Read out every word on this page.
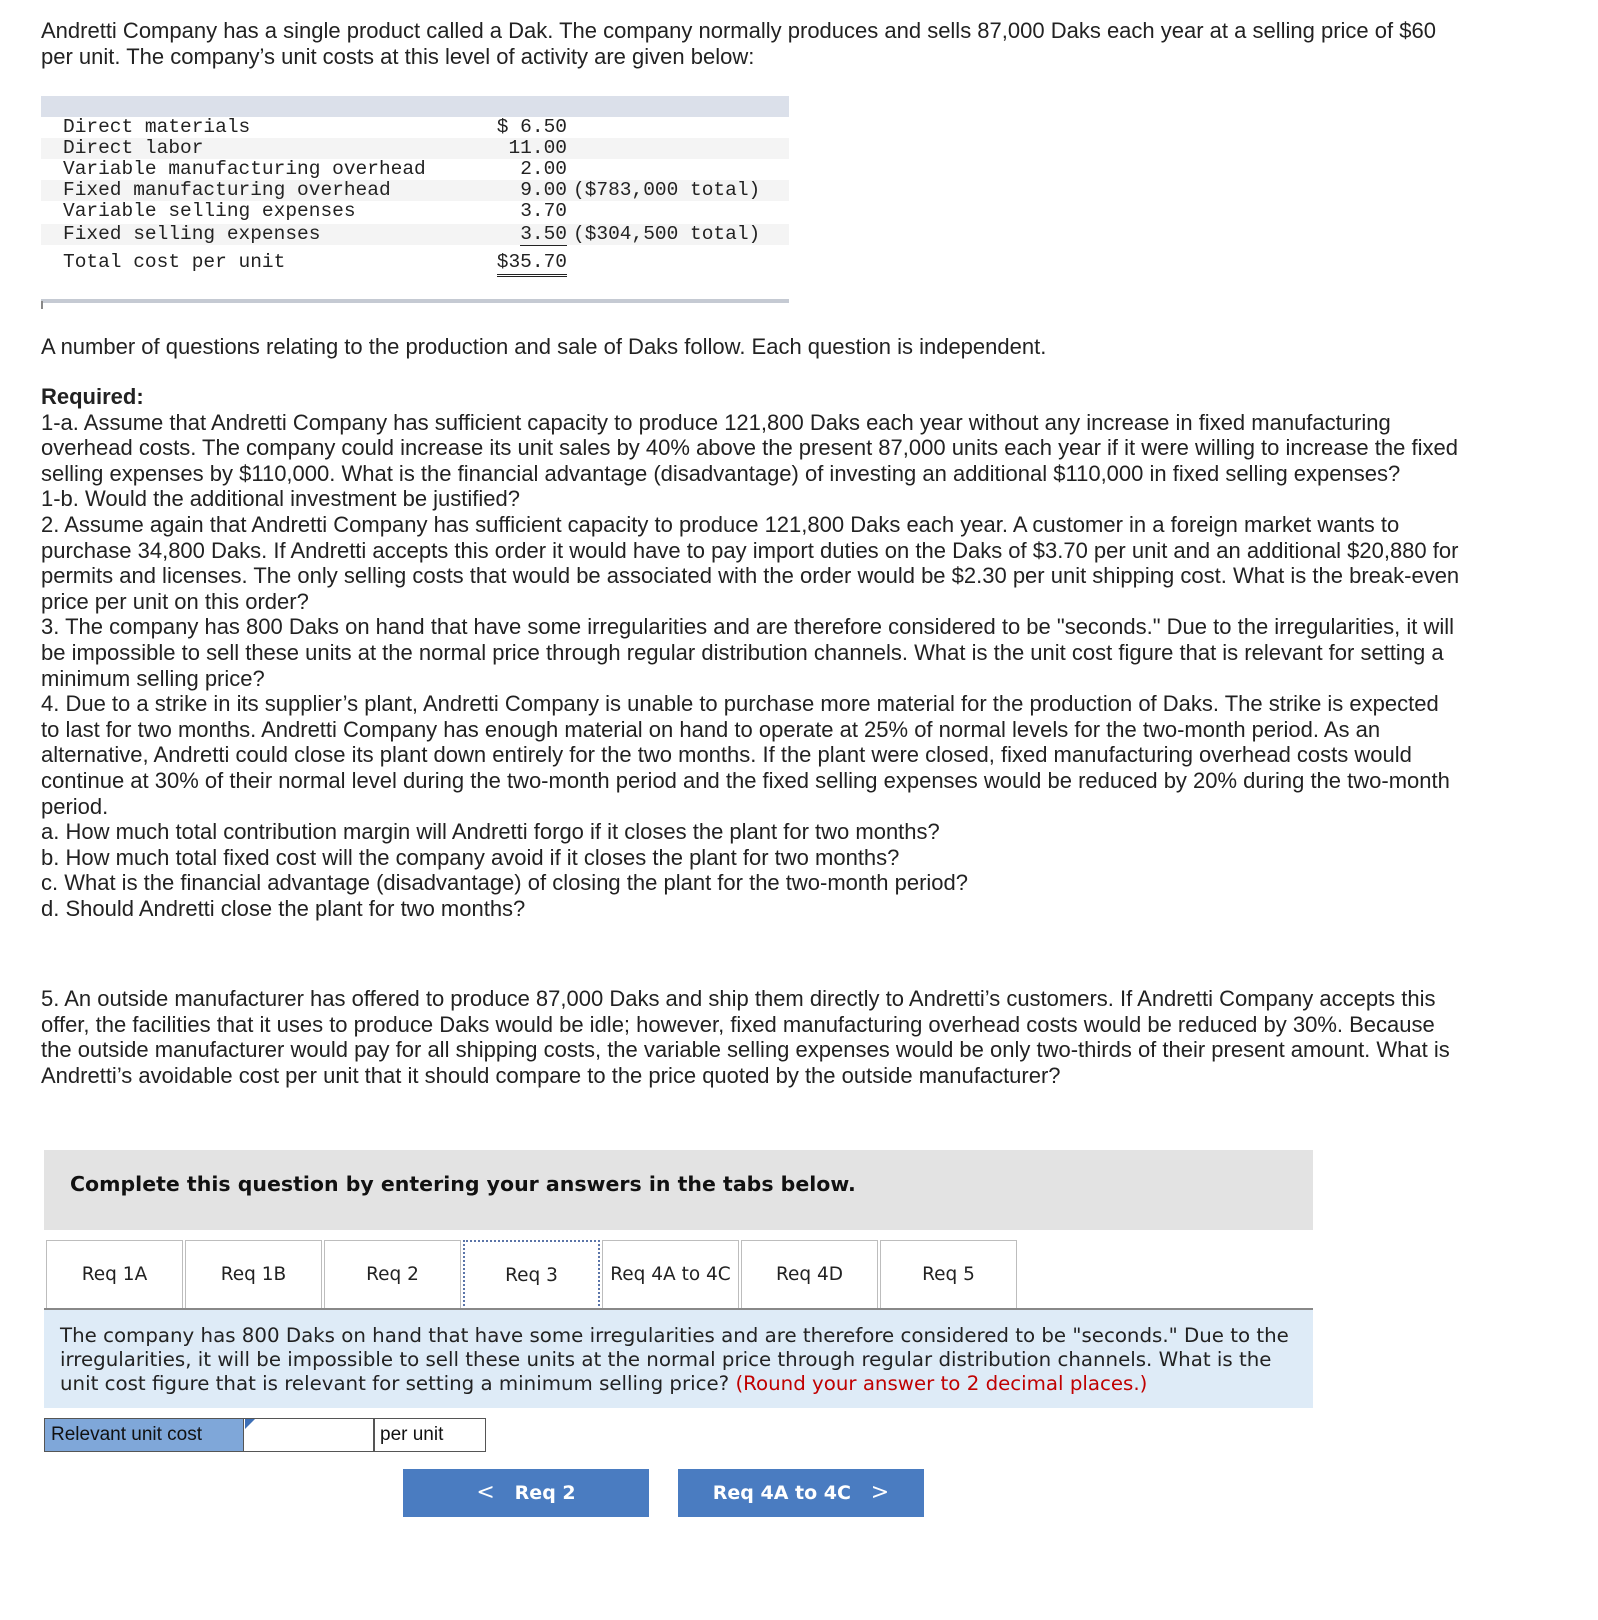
Andretti Company has a single product called a Dak. The company normally produces and sells 87,000 Daks each year at a selling price of $60 per unit. The company’s unit costs at this level of activity are given below:

Direct materials	$ 6.50
Direct labor	11.00
Variable manufacturing overhead	2.00
Fixed manufacturing overhead	9.00 ($783,000 total)
Variable selling expenses	3.70
Fixed selling expenses	3.50 ($304,500 total)
Total cost per unit	$35.70

A number of questions relating to the production and sale of Daks follow. Each question is independent.

Required:
1-a. Assume that Andretti Company has sufficient capacity to produce 121,800 Daks each year without any increase in fixed manufacturing overhead costs. The company could increase its unit sales by 40% above the present 87,000 units each year if it were willing to increase the fixed selling expenses by $110,000. What is the financial advantage (disadvantage) of investing an additional $110,000 in fixed selling expenses?
1-b. Would the additional investment be justified?
2. Assume again that Andretti Company has sufficient capacity to produce 121,800 Daks each year. A customer in a foreign market wants to purchase 34,800 Daks. If Andretti accepts this order it would have to pay import duties on the Daks of $3.70 per unit and an additional $20,880 for permits and licenses. The only selling costs that would be associated with the order would be $2.30 per unit shipping cost. What is the break-even price per unit on this order?
3. The company has 800 Daks on hand that have some irregularities and are therefore considered to be "seconds." Due to the irregularities, it will be impossible to sell these units at the normal price through regular distribution channels. What is the unit cost figure that is relevant for setting a minimum selling price?
4. Due to a strike in its supplier’s plant, Andretti Company is unable to purchase more material for the production of Daks. The strike is expected to last for two months. Andretti Company has enough material on hand to operate at 25% of normal levels for the two-month period. As an alternative, Andretti could close its plant down entirely for the two months. If the plant were closed, fixed manufacturing overhead costs would continue at 30% of their normal level during the two-month period and the fixed selling expenses would be reduced by 20% during the two-month period.
a. How much total contribution margin will Andretti forgo if it closes the plant for two months?
b. How much total fixed cost will the company avoid if it closes the plant for two months?
c. What is the financial advantage (disadvantage) of closing the plant for the two-month period?
d. Should Andretti close the plant for two months?

5. An outside manufacturer has offered to produce 87,000 Daks and ship them directly to Andretti’s customers. If Andretti Company accepts this offer, the facilities that it uses to produce Daks would be idle; however, fixed manufacturing overhead costs would be reduced by 30%. Because the outside manufacturer would pay for all shipping costs, the variable selling expenses would be only two-thirds of their present amount. What is Andretti’s avoidable cost per unit that it should compare to the price quoted by the outside manufacturer?

Complete this question by entering your answers in the tabs below.
Req 1A	Req 1B	Req 2	Req 3	Req 4A to 4C	Req 4D	Req 5

The company has 800 Daks on hand that have some irregularities and are therefore considered to be "seconds." Due to the irregularities, it will be impossible to sell these units at the normal price through regular distribution channels. What is the unit cost figure that is relevant for setting a minimum selling price? (Round your answer to 2 decimal places.)

Relevant unit cost	per unit
< Req 2	Req 4A to 4C >
